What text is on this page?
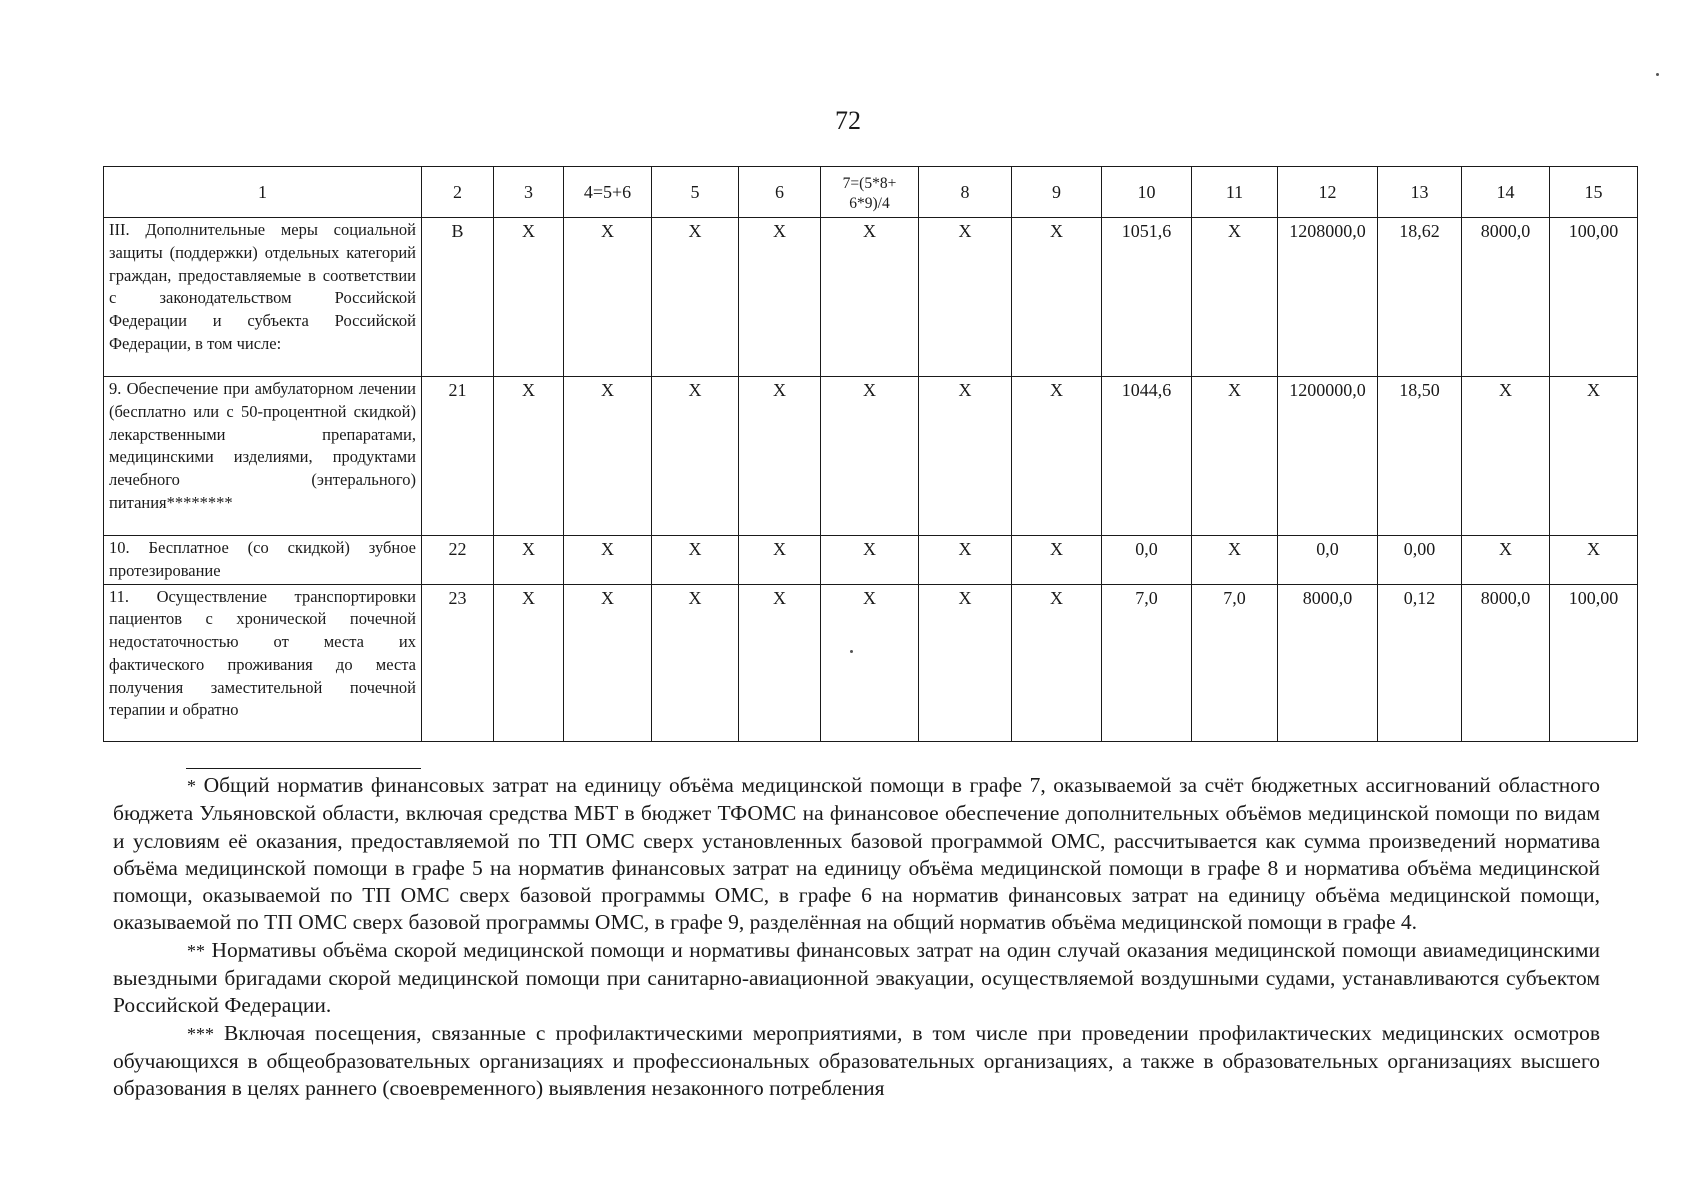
72
1	2	3	4=5+6	5	6	7=(5*8+ 6*9)/4	8	9	10	11	12	13	14	15
III. Дополнительные меры социальной защиты (поддержки) отдельных категорий граждан, предоставляемые в соответствии с законодательством Российской Федерации и субъекта Российской Федерации, в том числе:	В	Х	Х	Х	Х	Х	Х	Х	1051,6	Х	1208000,0	18,62	8000,0	100,00
9. Обеспечение при амбулаторном лечении (бесплатно или с 50-процентной скидкой) лекарственными препаратами, медицинскими изделиями, продуктами лечебного (энтерального) питания********	21	Х	Х	Х	Х	Х	Х	Х	1044,6	Х	1200000,0	18,50	Х	Х
10. Бесплатное (со скидкой) зубное протезирование	22	Х	Х	Х	Х	Х	Х	Х	0,0	Х	0,0	0,00	Х	Х
11. Осуществление транспортировки пациентов с хронической почечной недостаточностью от места их фактического проживания до места получения заместительной почечной терапии и обратно	23	Х	Х	Х	Х	Х	Х	Х	7,0	7,0	8000,0	0,12	8000,0	100,00

* Общий норматив финансовых затрат на единицу объёма медицинской помощи в графе 7, оказываемой за счёт бюджетных ассигнований областного бюджета Ульяновской области, включая средства МБТ в бюджет ТФОМС на финансовое обеспечение дополнительных объёмов медицинской помощи по видам и условиям её оказания, предоставляемой по ТП ОМС сверх установленных базовой программой ОМС, рассчитывается как сумма произведений норматива объёма медицинской помощи в графе 5 на норматив финансовых затрат на единицу объёма медицинской помощи в графе 8 и норматива объёма медицинской помощи, оказываемой по ТП ОМС сверх базовой программы ОМС, в графе 6 на норматив финансовых затрат на единицу объёма медицинской помощи, оказываемой по ТП ОМС сверх базовой программы ОМС, в графе 9, разделённая на общий норматив объёма медицинской помощи в графе 4.

** Нормативы объёма скорой медицинской помощи и нормативы финансовых затрат на один случай оказания медицинской помощи авиамедицинскими выездными бригадами скорой медицинской помощи при санитарно-авиационной эвакуации, осуществляемой воздушными судами, устанавливаются субъектом Российской Федерации.

*** Включая посещения, связанные с профилактическими мероприятиями, в том числе при проведении профилактических медицинских осмотров обучающихся в общеобразовательных организациях и профессиональных образовательных организациях, а также в образовательных организациях высшего образования в целях раннего (своевременного) выявления незаконного потребления
